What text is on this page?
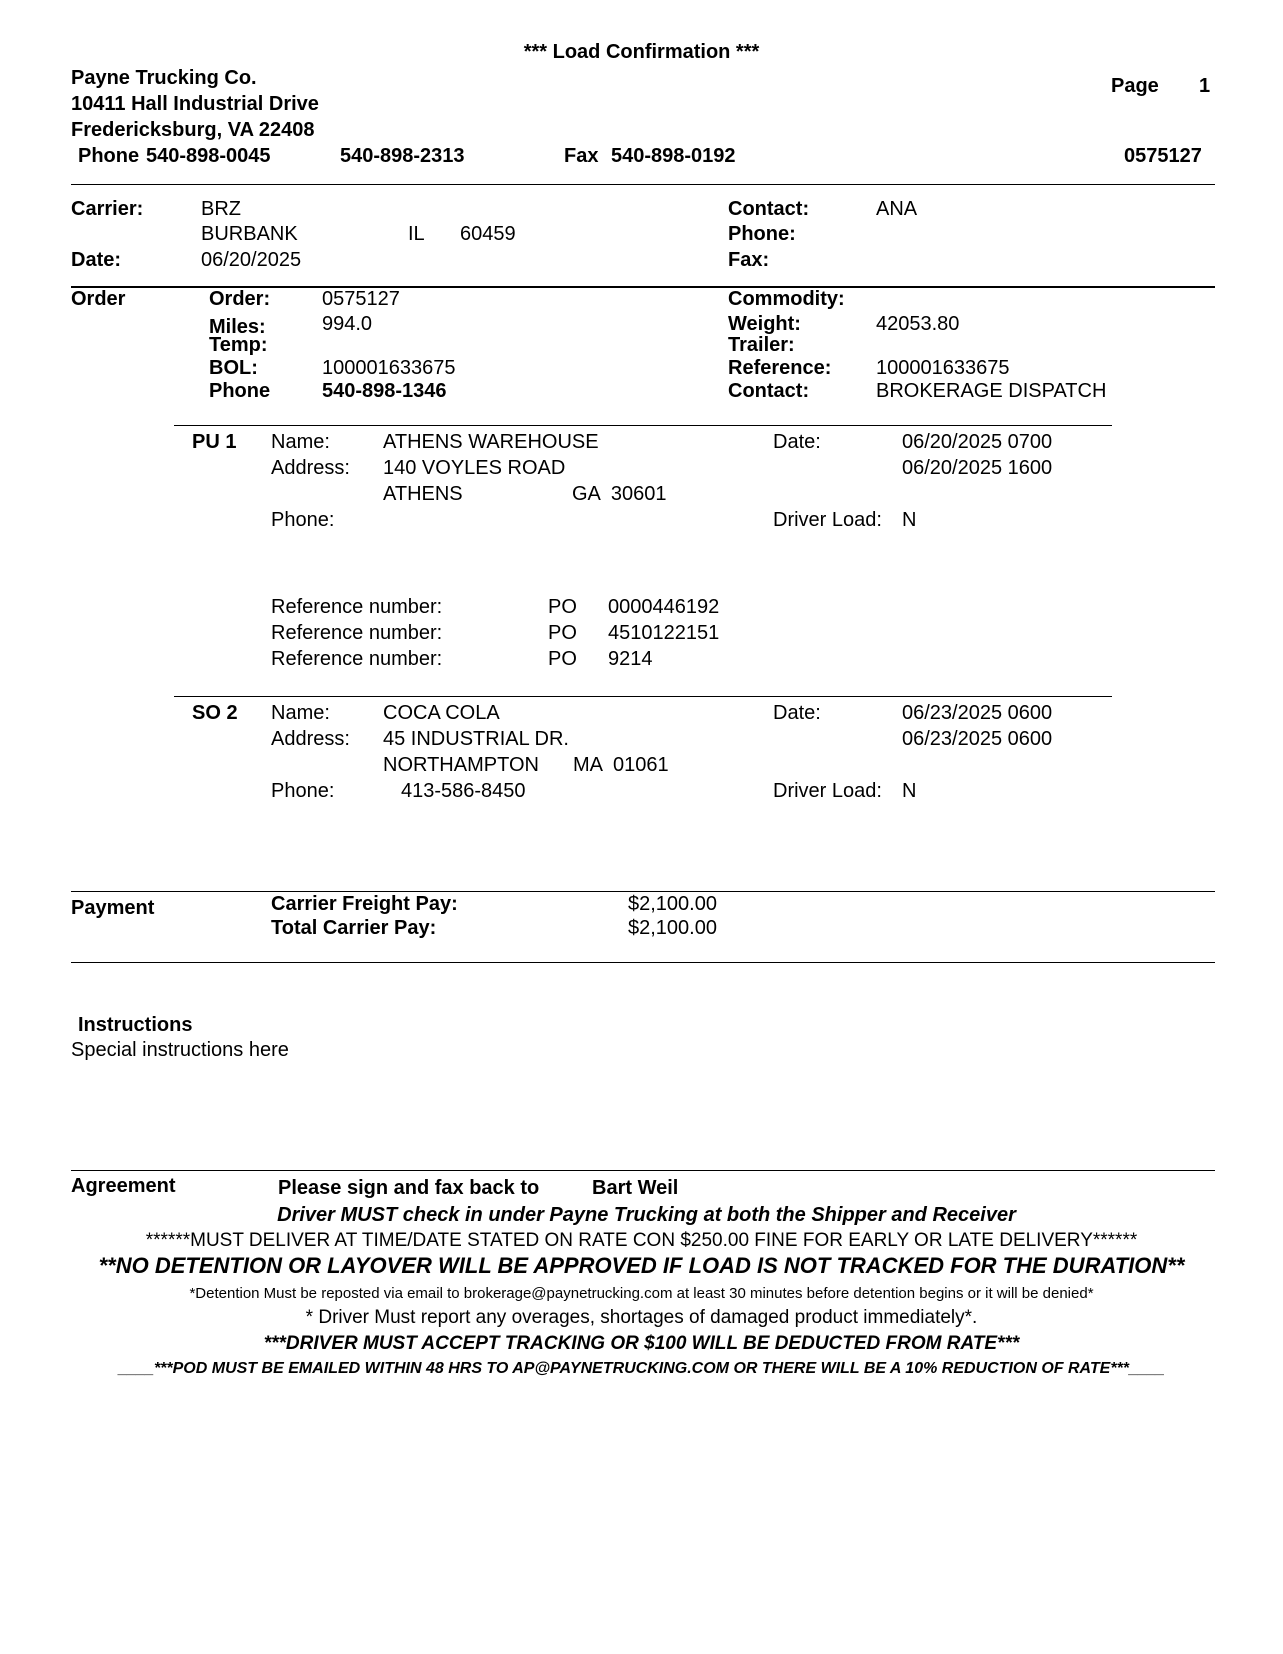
*** Load Confirmation ***
Payne Trucking Co.
10411 Hall Industrial Drive
Fredericksburg, VA 22408
Phone 540-898-0045	540-898-2313	Fax 540-898-0192
Page 1
0575127
Carrier:	BRZ
BURBANK	IL 60459
Date:	06/20/2025
Contact:	ANA
Phone:
Fax:
Order	Order:	0575127
Miles:	994.0
Temp:
BOL:	100001633675
Phone	540-898-1346
Commodity:
Weight:	42053.80
Trailer:
Reference: 100001633675
Contact:	BROKERAGE DISPATCH
PU 1 Name:	ATHENS WAREHOUSE
Address: 140 VOYLES ROAD
ATHENS	GA  30601
Phone:
Date:	06/20/2025 0700
06/20/2025 1600
Driver Load: N
Reference number:	PO 0000446192
Reference number:	PO 4510122151
Reference number:	PO 9214
SO 2 Name:	COCA COLA
Address: 45 INDUSTRIAL DR.
NORTHAMPTON MA  01061
Phone:	413-586-8450
Date:	06/23/2025 0600
06/23/2025 0600
Driver Load: N
Payment	Carrier Freight Pay:	$2,100.00
Total Carrier Pay:	$2,100.00
Instructions
Special instructions here
Agreement	Please sign and fax back to	Bart Weil
Driver MUST check in under Payne Trucking at both the Shipper and Receiver
******MUST DELIVER AT TIME/DATE STATED ON RATE CON $250.00 FINE FOR EARLY OR LATE DELIVERY******
**NO DETENTION OR LAYOVER WILL BE APPROVED IF LOAD IS NOT TRACKED FOR THE DURATION**
*Detention Must be reposted via email to brokerage@paynetrucking.com at least 30 minutes before detention begins or it will be denied*
* Driver Must report any overages, shortages of damaged product immediately*.
***DRIVER MUST ACCEPT TRACKING OR $100 WILL BE DEDUCTED FROM RATE***
____***POD MUST BE EMAILED WITHIN 48 HRS TO AP@PAYNETRUCKING.COM OR THERE WILL BE A 10% REDUCTION OF RATE***____
